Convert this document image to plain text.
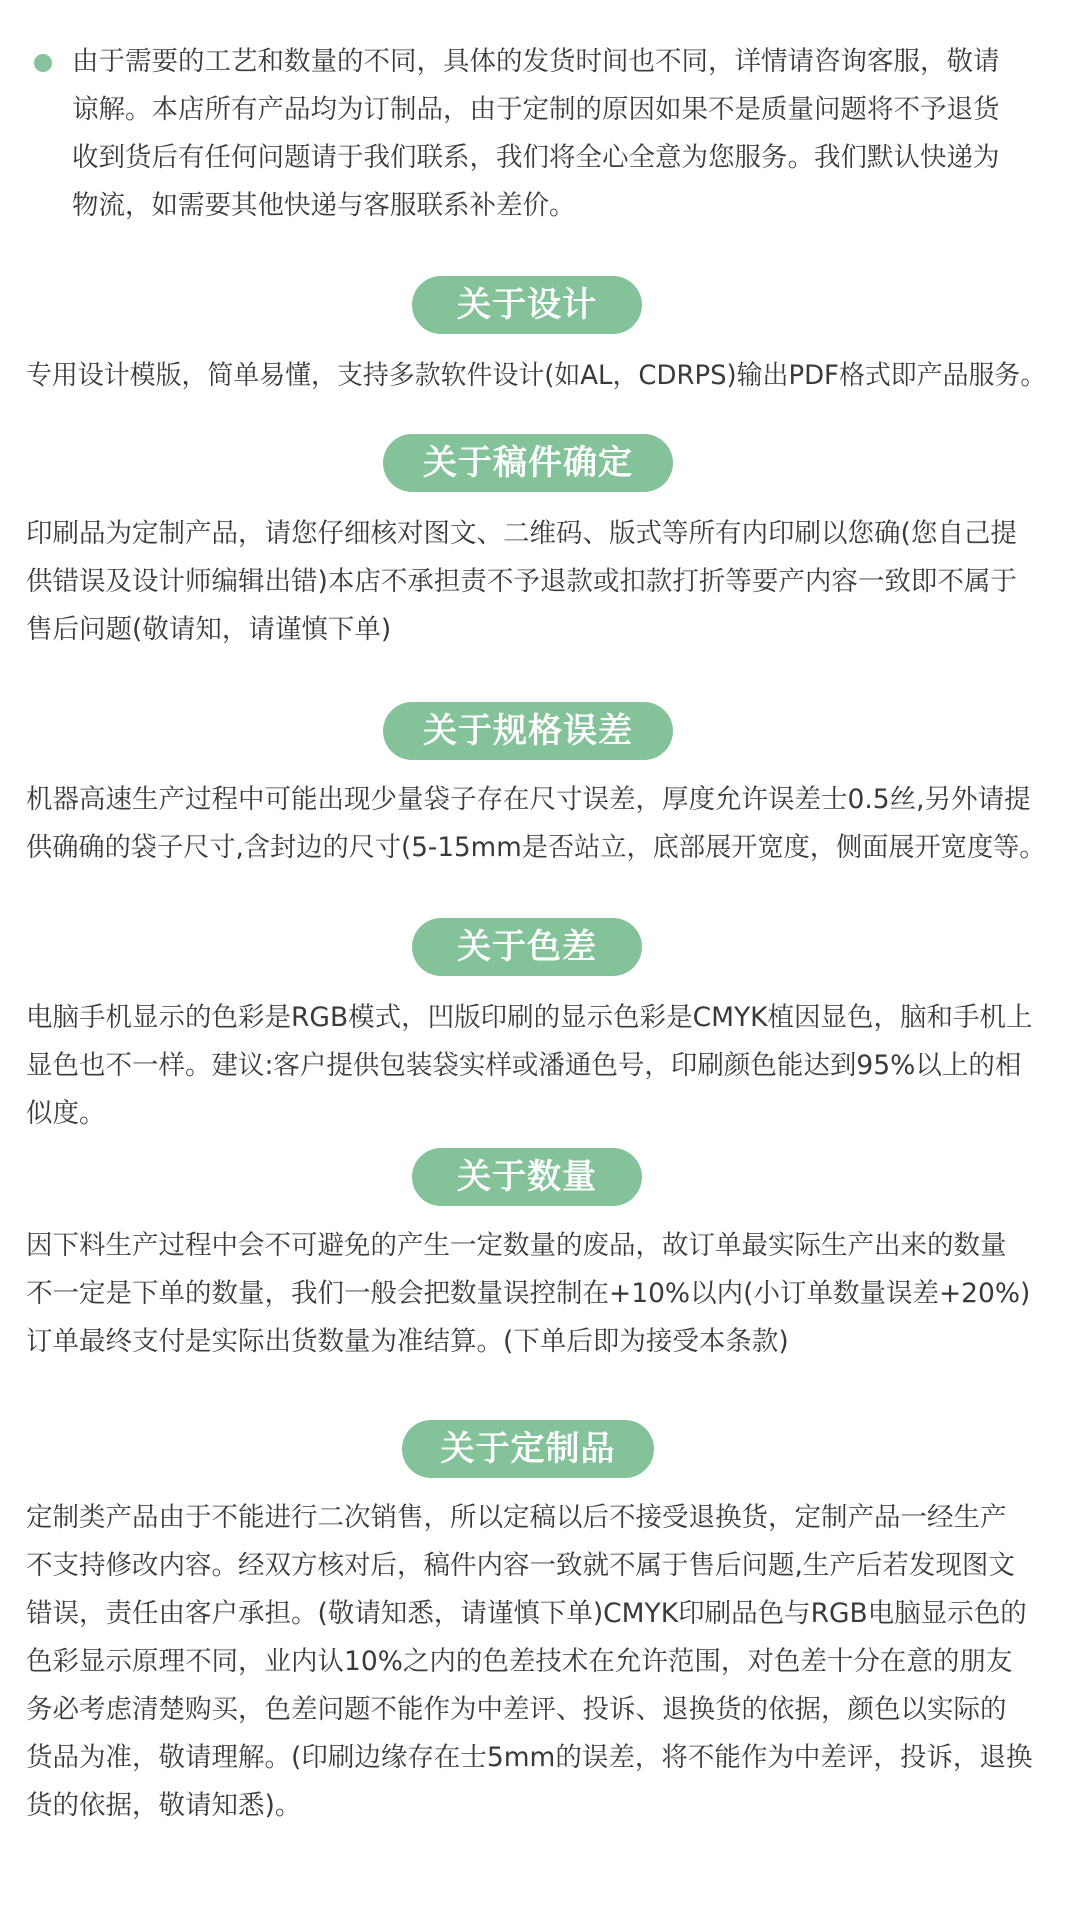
由于需要的工艺和数量的不同，具体的发货时间也不同，详情请咨询客服，敬请
谅解。本店所有产品均为订制品，由于定制的原因如果不是质量问题将不予退货
收到货后有任何问题请于我们联系，我们将全心全意为您服务。我们默认快递为
物流，如需要其他快递与客服联系补差价。
关于设计
专用设计模版，简单易懂，支持多款软件设计(如AL，CDRPS)输出PDF格式即产品服务。
关于稿件确定
印刷品为定制产品，请您仔细核对图文、二维码、版式等所有内印刷以您确(您自己提
供错误及设计师编辑出错)本店不承担责不予退款或扣款打折等要产内容一致即不属于
售后问题(敬请知，请谨慎下单)
关于规格误差
机器高速生产过程中可能出现少量袋子存在尺寸误差，厚度允许误差士0.5丝,另外请提
供确确的袋子尺寸,含封边的尺寸(5-15mm是否站立，底部展开宽度，侧面展开宽度等。
关于色差
电脑手机显示的色彩是RGB模式，凹版印刷的显示色彩是CMYK植因显色，脑和手机上
显色也不一样。建议:客户提供包装袋实样或潘通色号，印刷颜色能达到95%以上的相
似度。
关于数量
因下料生产过程中会不可避免的产生一定数量的废品，故订单最实际生产出来的数量
不一定是下单的数量，我们一般会把数量误控制在+10%以内(小订单数量误差+20%)
订单最终支付是实际出货数量为准结算。(下单后即为接受本条款)
关于定制品
定制类产品由于不能进行二次销售，所以定稿以后不接受退换货，定制产品一经生产
不支持修改内容。经双方核对后，稿件内容一致就不属于售后问题,生产后若发现图文
错误，责任由客户承担。(敬请知悉，请谨慎下单)CMYK印刷品色与RGB电脑显示色的
色彩显示原理不同，业内认10%之内的色差技术在允许范围，对色差十分在意的朋友
务必考虑清楚购买，色差问题不能作为中差评、投诉、退换货的依据，颜色以实际的
货品为准，敬请理解。(印刷边缘存在士5mm的误差，将不能作为中差评，投诉，退换
货的依据，敬请知悉)。
